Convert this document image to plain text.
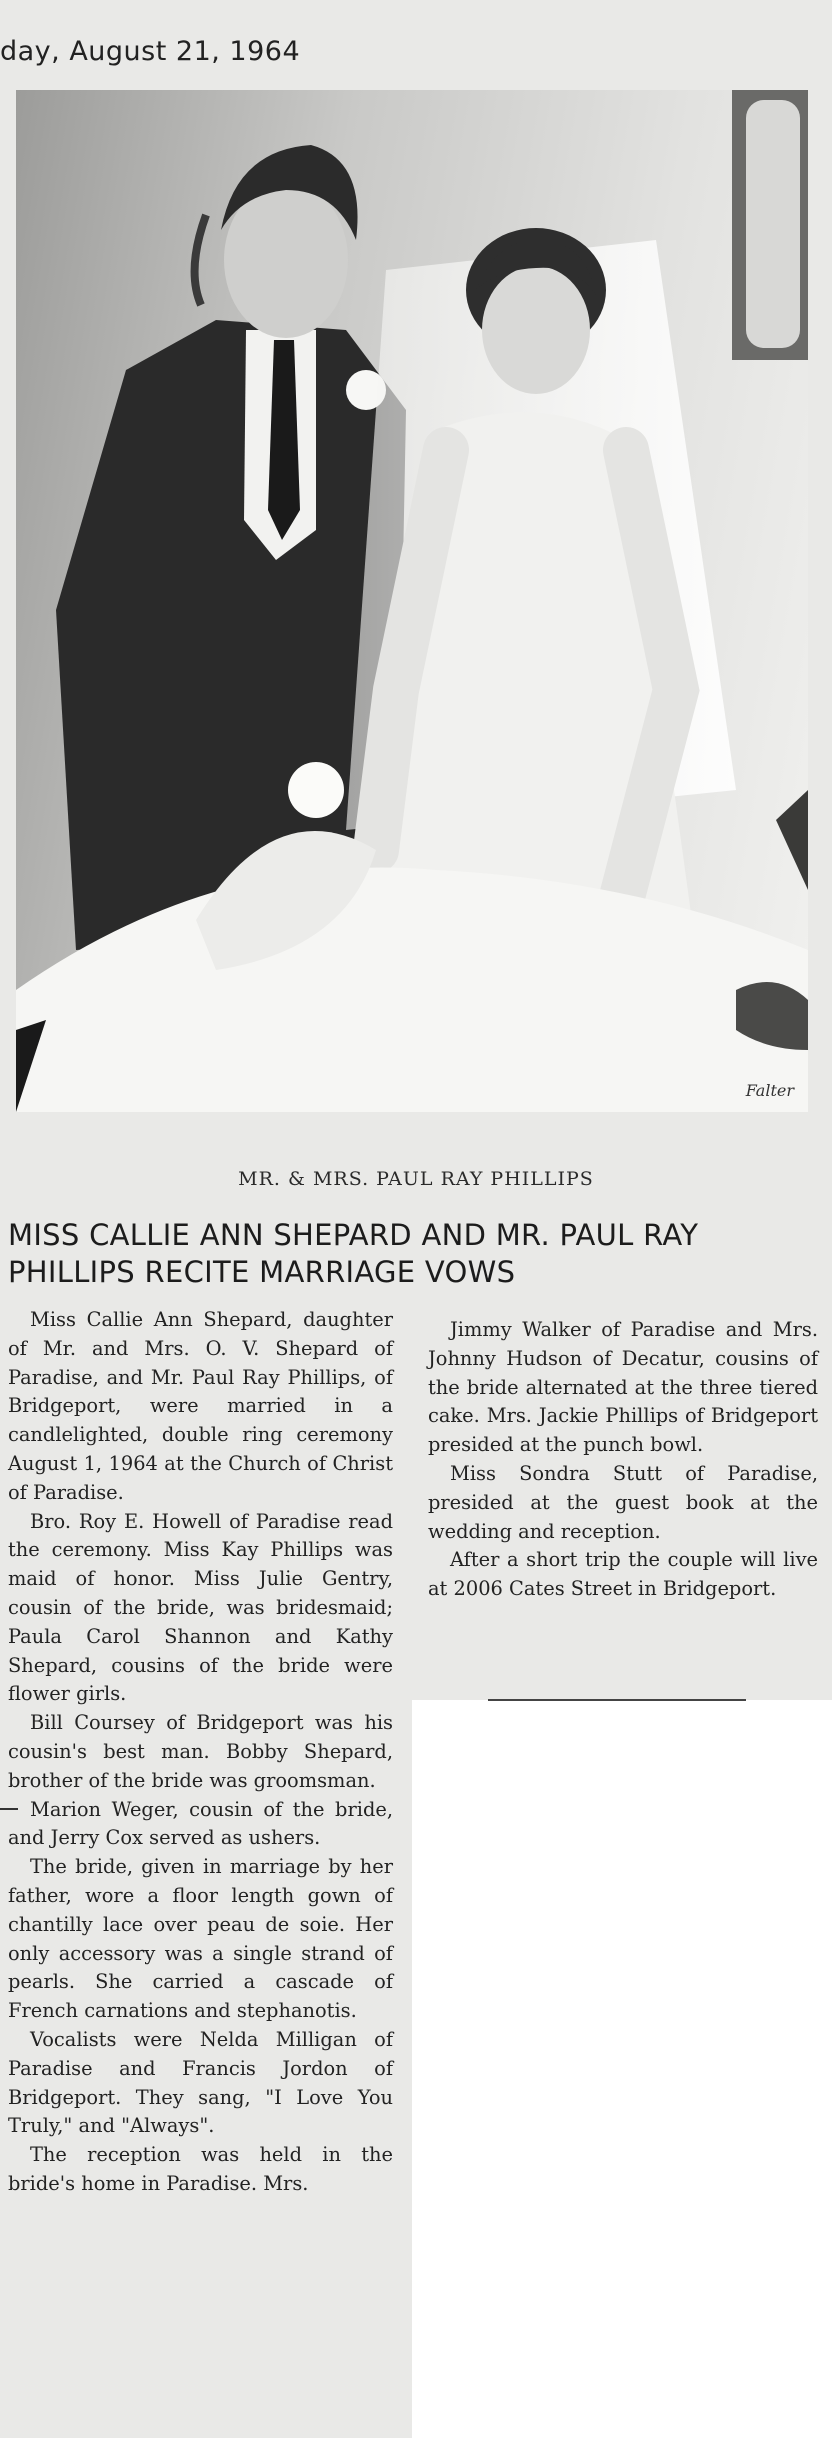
day, August 21, 1964
Falter
MR. & MRS. PAUL RAY PHILLIPS
MISS CALLIE ANN SHEPARD AND MR. PAUL RAY PHILLIPS RECITE MARRIAGE VOWS

Miss Callie Ann Shepard, daughter of Mr. and Mrs. O. V. Shepard of Paradise, and Mr. Paul Ray Phillips, of Bridgeport, were married in a candlelighted, double ring ceremony August 1, 1964 at the Church of Christ of Paradise.

Bro. Roy E. Howell of Paradise read the ceremony. Miss Kay Phillips was maid of honor. Miss Julie Gentry, cousin of the bride, was bridesmaid; Paula Carol Shannon and Kathy Shepard, cousins of the bride were flower girls.

Bill Coursey of Bridgeport was his cousin's best man. Bobby Shepard, brother of the bride was groomsman.

Marion Weger, cousin of the bride, and Jerry Cox served as ushers.

The bride, given in marriage by her father, wore a floor length gown of chantilly lace over peau de soie. Her only accessory was a single strand of pearls. She carried a cascade of French carnations and stephanotis.

Vocalists were Nelda Milligan of Paradise and Francis Jordon of Bridgeport. They sang, "I Love You Truly," and "Always".

The reception was held in the bride's home in Paradise. Mrs.

Jimmy Walker of Paradise and Mrs. Johnny Hudson of Decatur, cousins of the bride alternated at the three tiered cake. Mrs. Jackie Phillips of Bridgeport presided at the punch bowl.

Miss Sondra Stutt of Paradise, presided at the guest book at the wedding and reception.

After a short trip the couple will live at 2006 Cates Street in Bridgeport.
